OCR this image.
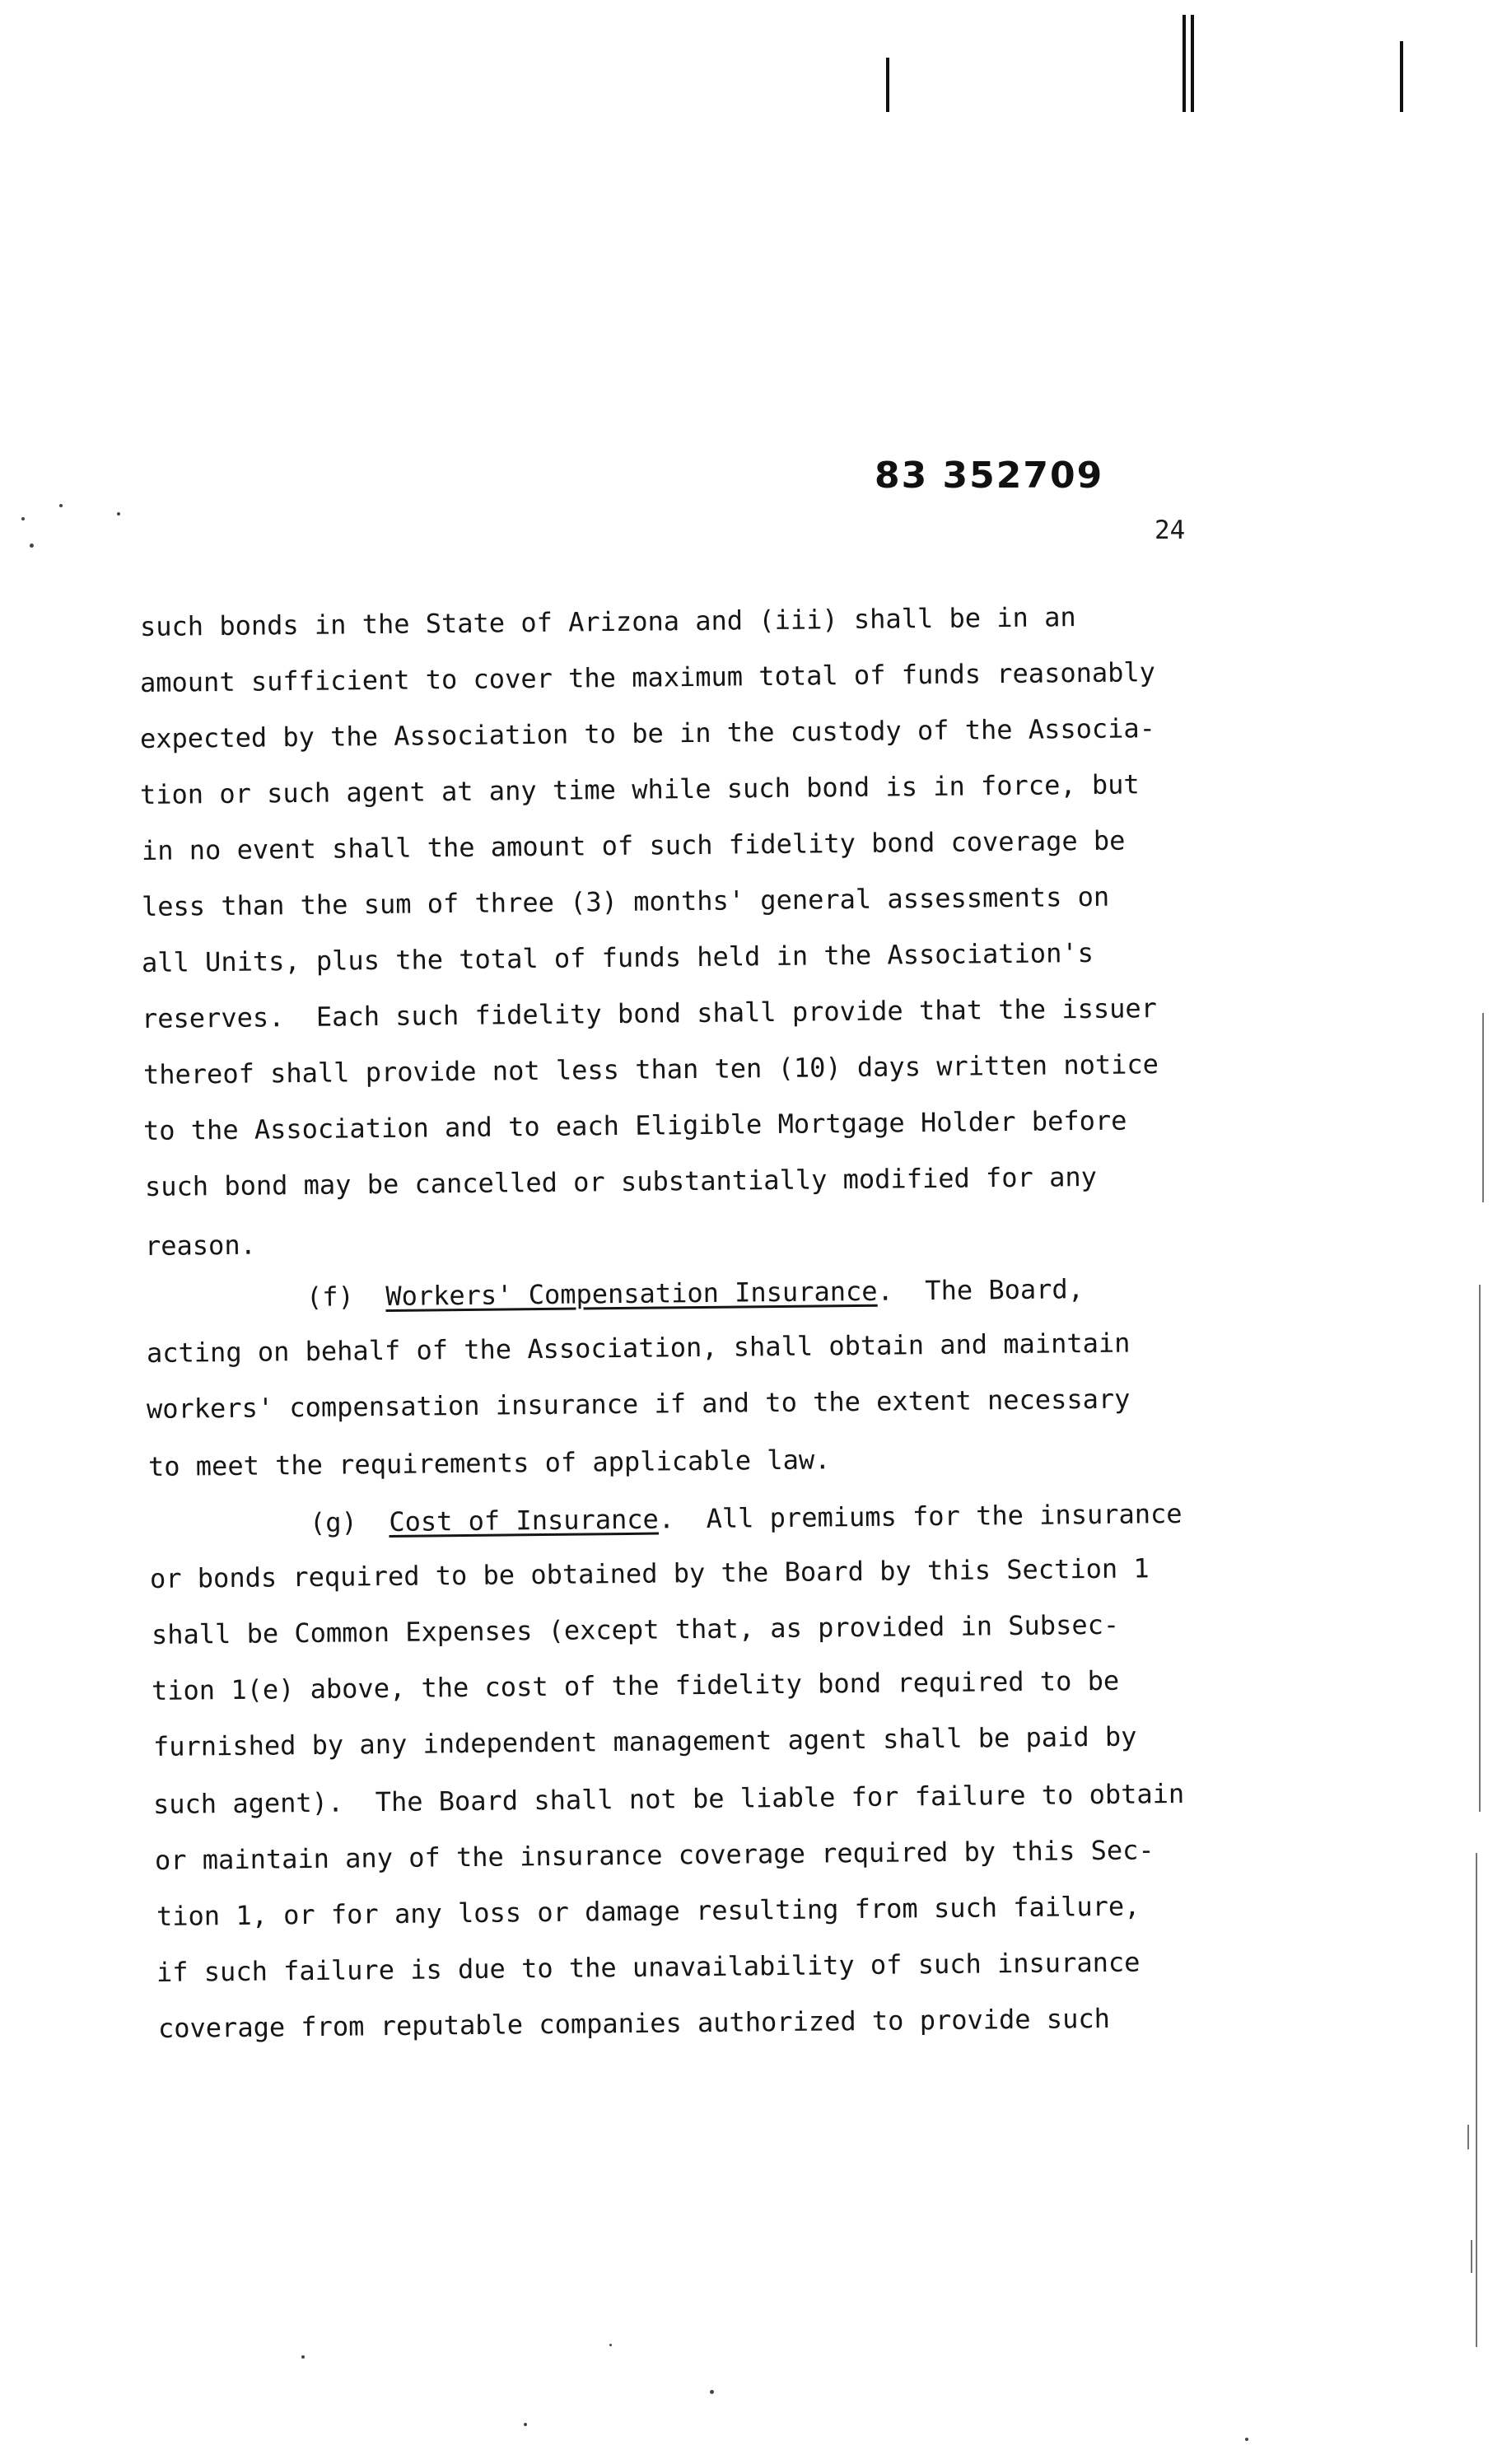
83 352709
24
such bonds in the State of Arizona and (iii) shall be in an
amount sufficient to cover the maximum total of funds reasonably
expected by the Association to be in the custody of the Associa-
tion or such agent at any time while such bond is in force, but
in no event shall the amount of such fidelity bond coverage be
less than the sum of three (3) months' general assessments on
all Units, plus the total of funds held in the Association's
reserves.  Each such fidelity bond shall provide that the issuer
thereof shall provide not less than ten (10) days written notice
to the Association and to each Eligible Mortgage Holder before
such bond may be cancelled or substantially modified for any
reason.
(f) Workers' Compensation Insurance.  The Board,
acting on behalf of the Association, shall obtain and maintain
workers' compensation insurance if and to the extent necessary
to meet the requirements of applicable law.
(g) Cost of Insurance.  All premiums for the insurance
or bonds required to be obtained by the Board by this Section 1
shall be Common Expenses (except that, as provided in Subsec-
tion 1(e) above, the cost of the fidelity bond required to be
furnished by any independent management agent shall be paid by
such agent).  The Board shall not be liable for failure to obtain
or maintain any of the insurance coverage required by this Sec-
tion 1, or for any loss or damage resulting from such failure,
if such failure is due to the unavailability of such insurance
coverage from reputable companies authorized to provide such
